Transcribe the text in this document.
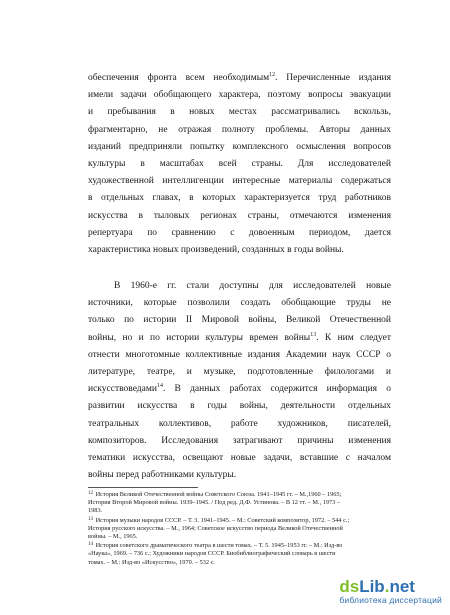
обеспечения фронта всем необходимым$^{12}$. Перечисленные издания
имели задачи обобщающего характера, поэтому вопросы эвакуации
и пребывания в новых местах рассматривались вскользь,
фрагментарно, не отражая полноту проблемы. Авторы данных
изданий предприняли попытку комплексного осмысления вопросов
культуры в масштабах всей страны. Для исследователей
художественной интеллигенции интересные материалы содержаться
в отдельных главах, в которых характеризуется труд работников
искусства в тыловых регионах страны, отмечаются изменения
репертуара по сравнению с довоенным периодом, дается
характеристика новых произведений, созданных в годы войны.
В 1960-е гг. стали доступны для исследователей новые
источники, которые позволили создать обобщающие труды не
только по истории II Мировой войны, Великой Отечественной
войны, но и по истории культуры времен войны$^{13}$. К ним следует
отнести многотомные коллективные издания Академии наук СССР о
литературе, театре, и музыке, подготовленные филологами и
искусствоведами$^{14}$. В данных работах содержится информация о
развитии искусства в годы войны, деятельности отдельных
театральных коллективов, работе художников, писателей,
композиторов. Исследования затрагивают причины изменения
тематики искусства, освещают новые задачи, вставшие с началом
войны перед работниками культуры.
$^{12}$ История Великой Отечественной войны Советского Союза. 1941–1945 гг. – М.,1960 – 1965;
История Второй Мировой войны. 1939–1945. / Под ред. Д.Ф. Устинова. – В 12 тт. – М., 1973 –
1983.
$^{13}$ История музыки народов СССР. – Т. 3. 1941–1945. – М.: Советский композитор, 1972. – 544 с.;
История русского искусства. – М., 1964; Советское искусство периода Великой Отечественной
войны. – М., 1965.
$^{14}$ История советского драматического театра в шести томах. – Т. 5. 1945–1953 гг. – М.: Изд-во
«Наука», 1969. – 736 с.; Художники народов СССР. Биобиблиографический словарь в шести
томах. – М.: Изд-во «Искусство», 1970. – 532 с.
ds Lib . net
библиотека диссертаций
